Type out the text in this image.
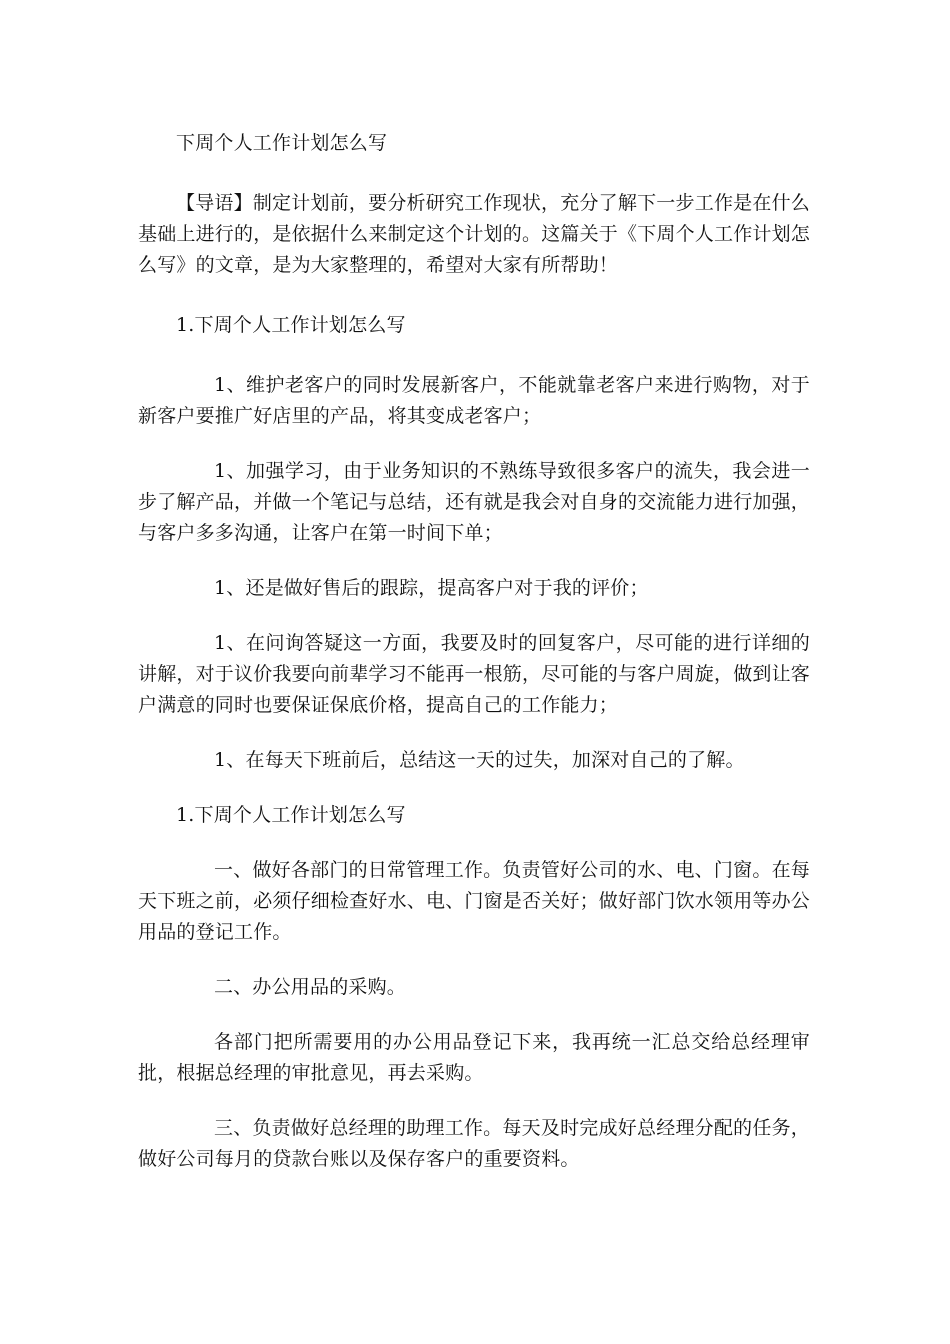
下周个人工作计划怎么写

【导语】制定计划前，要分析研究工作现状，充分了解下一步工作是在什么基础上进行的，是依据什么来制定这个计划的。这篇关于《下周个人工作计划怎么写》的文章，是为大家整理的，希望对大家有所帮助！

1.下周个人工作计划怎么写

1、维护老客户的同时发展新客户，不能就靠老客户来进行购物，对于新客户要推广好店里的产品，将其变成老客户；

1、加强学习，由于业务知识的不熟练导致很多客户的流失，我会进一步了解产品，并做一个笔记与总结，还有就是我会对自身的交流能力进行加强，与客户多多沟通，让客户在第一时间下单；

1、还是做好售后的跟踪，提高客户对于我的评价；

1、在问询答疑这一方面，我要及时的回复客户，尽可能的进行详细的讲解，对于议价我要向前辈学习不能再一根筋，尽可能的与客户周旋，做到让客户满意的同时也要保证保底价格，提高自己的工作能力；

1、在每天下班前后，总结这一天的过失，加深对自己的了解。

1.下周个人工作计划怎么写

一、做好各部门的日常管理工作。负责管好公司的水、电、门窗。在每天下班之前，必须仔细检查好水、电、门窗是否关好；做好部门饮水领用等办公用品的登记工作。

二、办公用品的采购。

各部门把所需要用的办公用品登记下来，我再统一汇总交给总经理审批，根据总经理的审批意见，再去采购。

三、负责做好总经理的助理工作。每天及时完成好总经理分配的任务，做好公司每月的贷款台账以及保存客户的重要资料。
